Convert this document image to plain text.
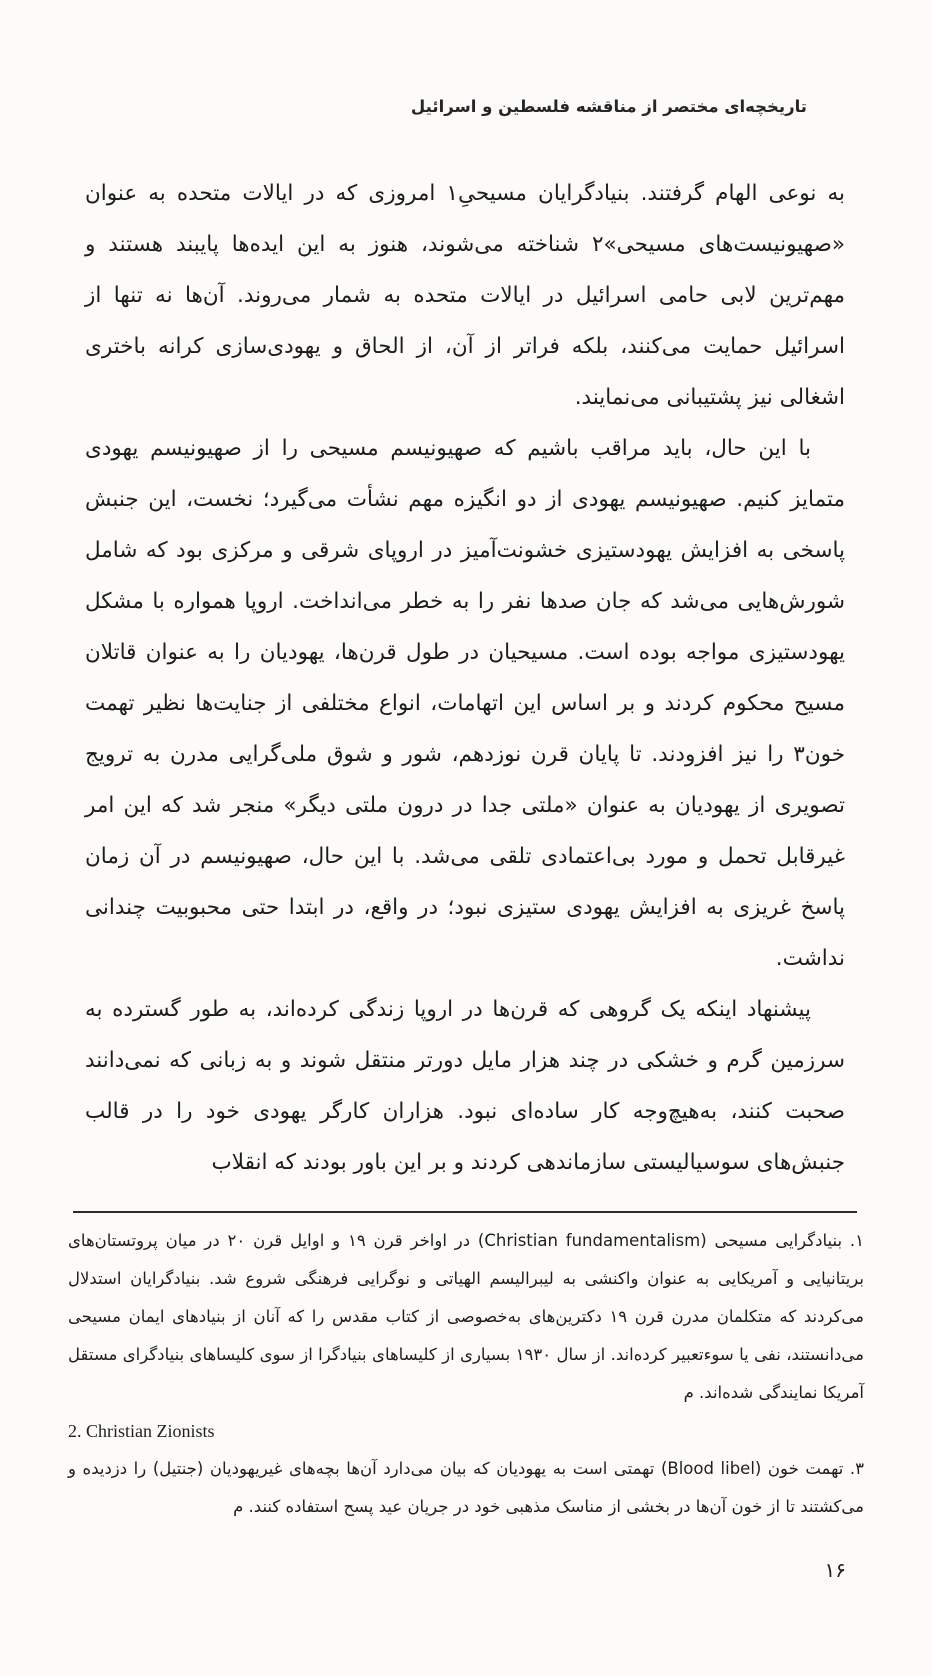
تاریخچه‌ای مختصر از مناقشه فلسطین و اسرائیل

به نوعی الهام گرفتند. بنیادگرایان مسیحیِ۱ امروزی که در ایالات متحده به عنوان «صهیونیست‌های مسیحی»۲ شناخته می‌شوند، هنوز به این ایده‌ها پایبند هستند و مهم‌ترین لابی حامی اسرائیل در ایالات متحده به شمار می‌روند. آن‌ها نه تنها از اسرائیل حمایت می‌کنند، بلکه فراتر از آن، از الحاق و یهودی‌سازی کرانه باختری اشغالی نیز پشتیبانی می‌نمایند.

با این حال، باید مراقب باشیم که صهیونیسم مسیحی را از صهیونیسم یهودی متمایز کنیم. صهیونیسم یهودی از دو انگیزه مهم نشأت می‌گیرد؛ نخست، این جنبش پاسخی به افزایش یهودستیزی خشونت‌آمیز در اروپای شرقی و مرکزی بود که شامل شورش‌هایی می‌شد که جان صدها نفر را به خطر می‌انداخت. اروپا همواره با مشکل یهودستیزی مواجه بوده است. مسیحیان در طول قرن‌ها، یهودیان را به عنوان قاتلان مسیح محکوم کردند و بر اساس این اتهامات، انواع مختلفی از جنایت‌ها نظیر تهمت خون۳ را نیز افزودند. تا پایان قرن نوزدهم، شور و شوق ملی‌گرایی مدرن به ترویج تصویری از یهودیان به عنوان «ملتی جدا در درون ملتی دیگر» منجر شد که این امر غیرقابل تحمل و مورد بی‌اعتمادی تلقی می‌شد. با این حال، صهیونیسم در آن زمان پاسخ غریزی به افزایش یهودی ستیزی نبود؛ در واقع، در ابتدا حتی محبوبیت چندانی نداشت.

پیشنهاد اینکه یک گروهی که قرن‌ها در اروپا زندگی کرده‌اند، به طور گسترده به سرزمین گرم و خشکی در چند هزار مایل دورتر منتقل شوند و به زبانی که نمی‌دانند صحبت کنند، به‌هیچ‌وجه کار ساده‌ای نبود. هزاران کارگر یهودی خود را در قالب جنبش‌های سوسیالیستی سازماندهی کردند و بر این باور بودند که انقلاب

۱. بنیادگرایی مسیحی (Christian fundamentalism) در اواخر قرن ۱۹ و اوایل قرن ۲۰ در میان پروتستان‌های بریتانیایی و آمریکایی به عنوان واکنشی به لیبرالیسم الهیاتی و نوگرایی فرهنگی شروع شد. بنیادگرایان استدلال می‌کردند که متکلمان مدرن قرن ۱۹ دکترین‌های به‌خصوصی از کتاب مقدس را که آنان از بنیادهای ایمان مسیحی می‌دانستند، نفی یا سوءتعبیر کرده‌اند. از سال ۱۹۳۰ بسیاری از کلیساهای بنیادگرا از سوی کلیساهای بنیادگرای مستقل آمریکا نمایندگی شده‌اند. م

2. Christian Zionists

۳. تهمت خون (Blood libel) تهمتی است به یهودیان که بیان می‌دارد آن‌ها بچه‌های غیریهودیان (جنتیل) را دزدیده و می‌کشتند تا از خون آن‌ها در بخشی از مناسک مذهبی خود در جریان عید پسح استفاده کنند. م

۱۶
